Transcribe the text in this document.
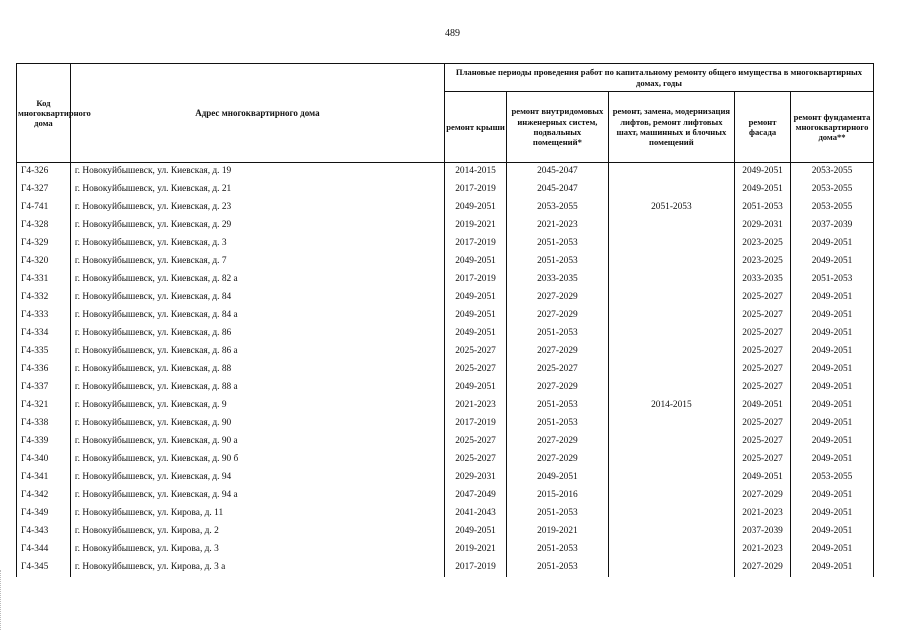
489
Код многоквартирного дома	Адрес многоквартирного дома	Плановые периоды проведения работ по капитальному ремонту общего имущества в многоквартирных домах, годы				
		ремонт крыши	ремонт внутридомовых инженерных систем, подвальных помещений*	ремонт, замена, модернизация лифтов, ремонт лифтовых шахт, машинных и блочных помещений	ремонт фасада	ремонт фундамента многоквартирного дома**
Г4-326	г. Новокуйбышевск, ул. Киевская, д. 19	2014-2015	2045-2047		2049-2051	2053-2055
Г4-327	г. Новокуйбышевск, ул. Киевская, д. 21	2017-2019	2045-2047		2049-2051	2053-2055
Г4-741	г. Новокуйбышевск, ул. Киевская, д. 23	2049-2051	2053-2055	2051-2053	2051-2053	2053-2055
Г4-328	г. Новокуйбышевск, ул. Киевская, д. 29	2019-2021	2021-2023		2029-2031	2037-2039
Г4-329	г. Новокуйбышевск, ул. Киевская, д. 3	2017-2019	2051-2053		2023-2025	2049-2051
Г4-320	г. Новокуйбышевск, ул. Киевская, д. 7	2049-2051	2051-2053		2023-2025	2049-2051
Г4-331	г. Новокуйбышевск, ул. Киевская, д. 82 а	2017-2019	2033-2035		2033-2035	2051-2053
Г4-332	г. Новокуйбышевск, ул. Киевская, д. 84	2049-2051	2027-2029		2025-2027	2049-2051
Г4-333	г. Новокуйбышевск, ул. Киевская, д. 84 а	2049-2051	2027-2029		2025-2027	2049-2051
Г4-334	г. Новокуйбышевск, ул. Киевская, д. 86	2049-2051	2051-2053		2025-2027	2049-2051
Г4-335	г. Новокуйбышевск, ул. Киевская, д. 86 а	2025-2027	2027-2029		2025-2027	2049-2051
Г4-336	г. Новокуйбышевск, ул. Киевская, д. 88	2025-2027	2025-2027		2025-2027	2049-2051
Г4-337	г. Новокуйбышевск, ул. Киевская, д. 88 а	2049-2051	2027-2029		2025-2027	2049-2051
Г4-321	г. Новокуйбышевск, ул. Киевская, д. 9	2021-2023	2051-2053	2014-2015	2049-2051	2049-2051
Г4-338	г. Новокуйбышевск, ул. Киевская, д. 90	2017-2019	2051-2053		2025-2027	2049-2051
Г4-339	г. Новокуйбышевск, ул. Киевская, д. 90 а	2025-2027	2027-2029		2025-2027	2049-2051
Г4-340	г. Новокуйбышевск, ул. Киевская, д. 90 б	2025-2027	2027-2029		2025-2027	2049-2051
Г4-341	г. Новокуйбышевск, ул. Киевская, д. 94	2029-2031	2049-2051		2049-2051	2053-2055
Г4-342	г. Новокуйбышевск, ул. Киевская, д. 94 а	2047-2049	2015-2016		2027-2029	2049-2051
Г4-349	г. Новокуйбышевск, ул. Кирова, д. 11	2041-2043	2051-2053		2021-2023	2049-2051
Г4-343	г. Новокуйбышевск, ул. Кирова, д. 2	2049-2051	2019-2021		2037-2039	2049-2051
Г4-344	г. Новокуйбышевск, ул. Кирова, д. 3	2019-2021	2051-2053		2021-2023	2049-2051
Г4-345	г. Новокуйбышевск, ул. Кирова, д. 3 а	2017-2019	2051-2053		2027-2029	2049-2051
